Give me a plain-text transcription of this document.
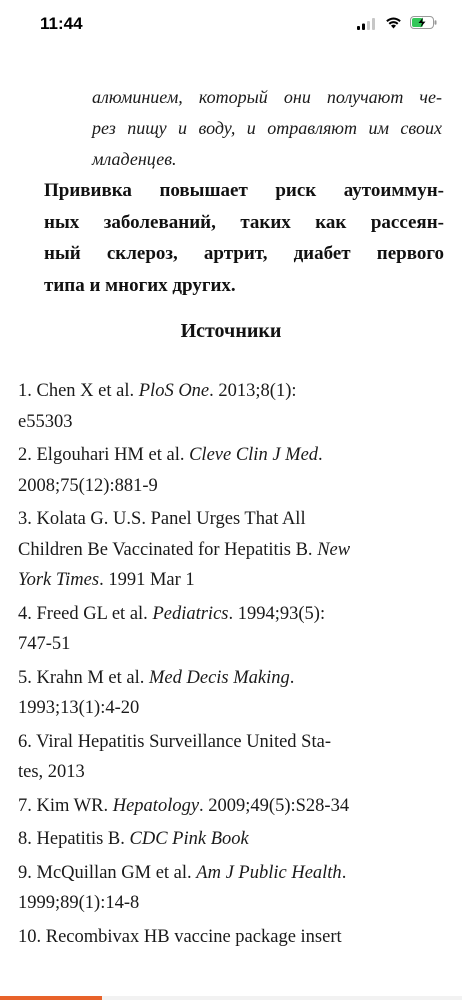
11:44
алюминием, который они получают че-
рез пищу и воду, и отравляют им своих
младенцев.
Прививка повышает риск аутоиммун-
ных заболеваний, таких как рассеян-
ный склероз, артрит, диабет первого
типа и многих других.
Источники
1. Chen X et al. PloS One. 2013;8(1):
e55303
2. Elgouhari HM et al. Cleve Clin J Med.
2008;75(12):881-9
3. Kolata G. U.S. Panel Urges That All
Children Be Vaccinated for Hepatitis B. New
York Times. 1991 Mar 1
4. Freed GL et al. Pediatrics. 1994;93(5):
747-51
5. Krahn M et al. Med Decis Making.
1993;13(1):4-20
6. Viral Hepatitis Surveillance United Sta-
tes, 2013
7. Kim WR. Hepatology. 2009;49(5):S28-34
8. Hepatitis B. CDC Pink Book
9. McQuillan GM et al. Am J Public Health.
1999;89(1):14-8
10. Recombivax HB vaccine package insert
